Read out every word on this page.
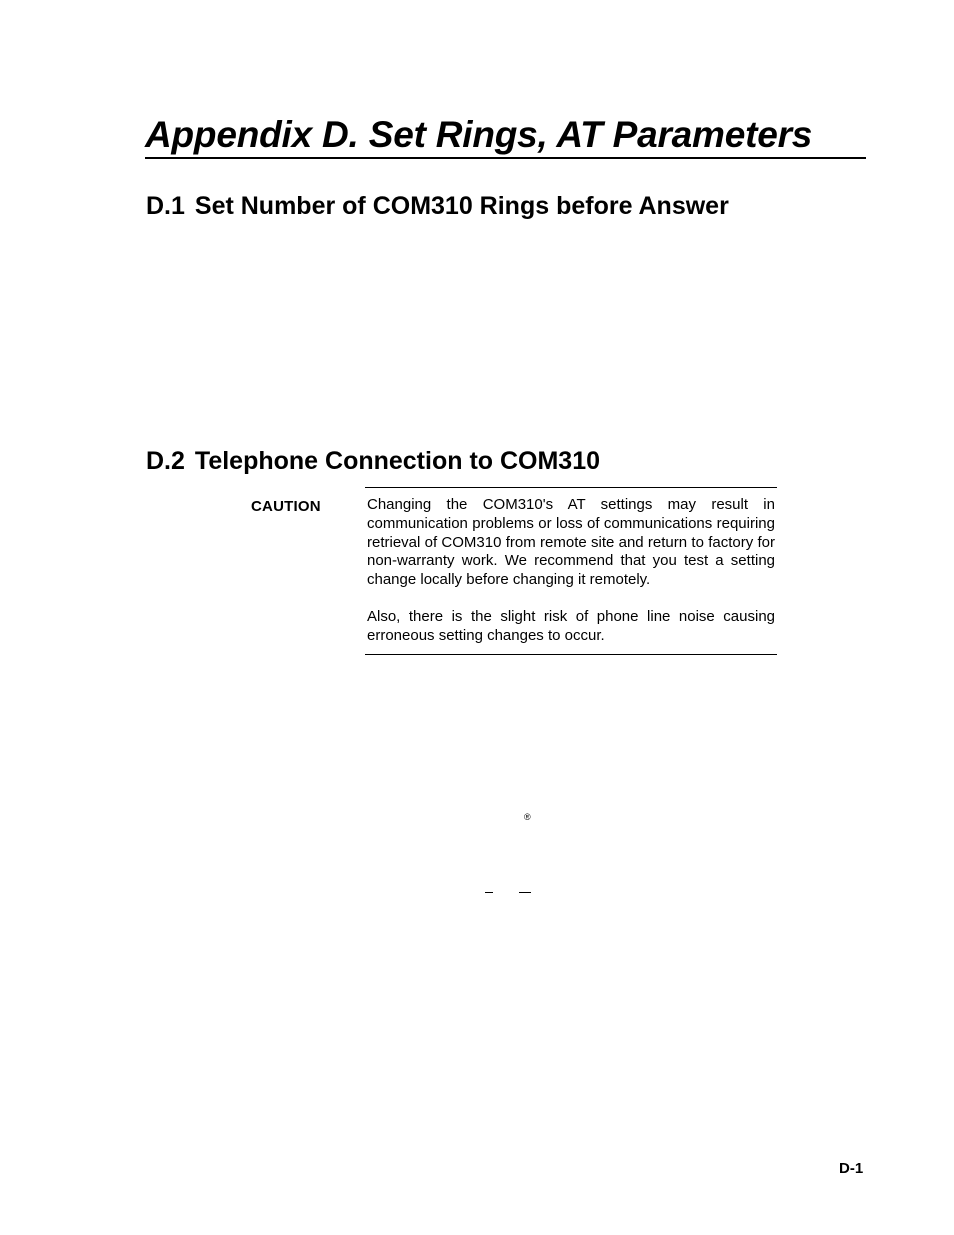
Appendix D. Set Rings, AT Parameters
D.1 Set Number of COM310 Rings before Answer
D.2 Telephone Connection to COM310
CAUTION	Changing the COM310's AT settings may result in communication problems or loss of communications requiring retrieval of COM310 from remote site and return to factory for non-warranty work. We recommend that you test a setting change locally before changing it remotely.

Also, there is the slight risk of phone line noise causing erroneous setting changes to occur.

®
D-1
